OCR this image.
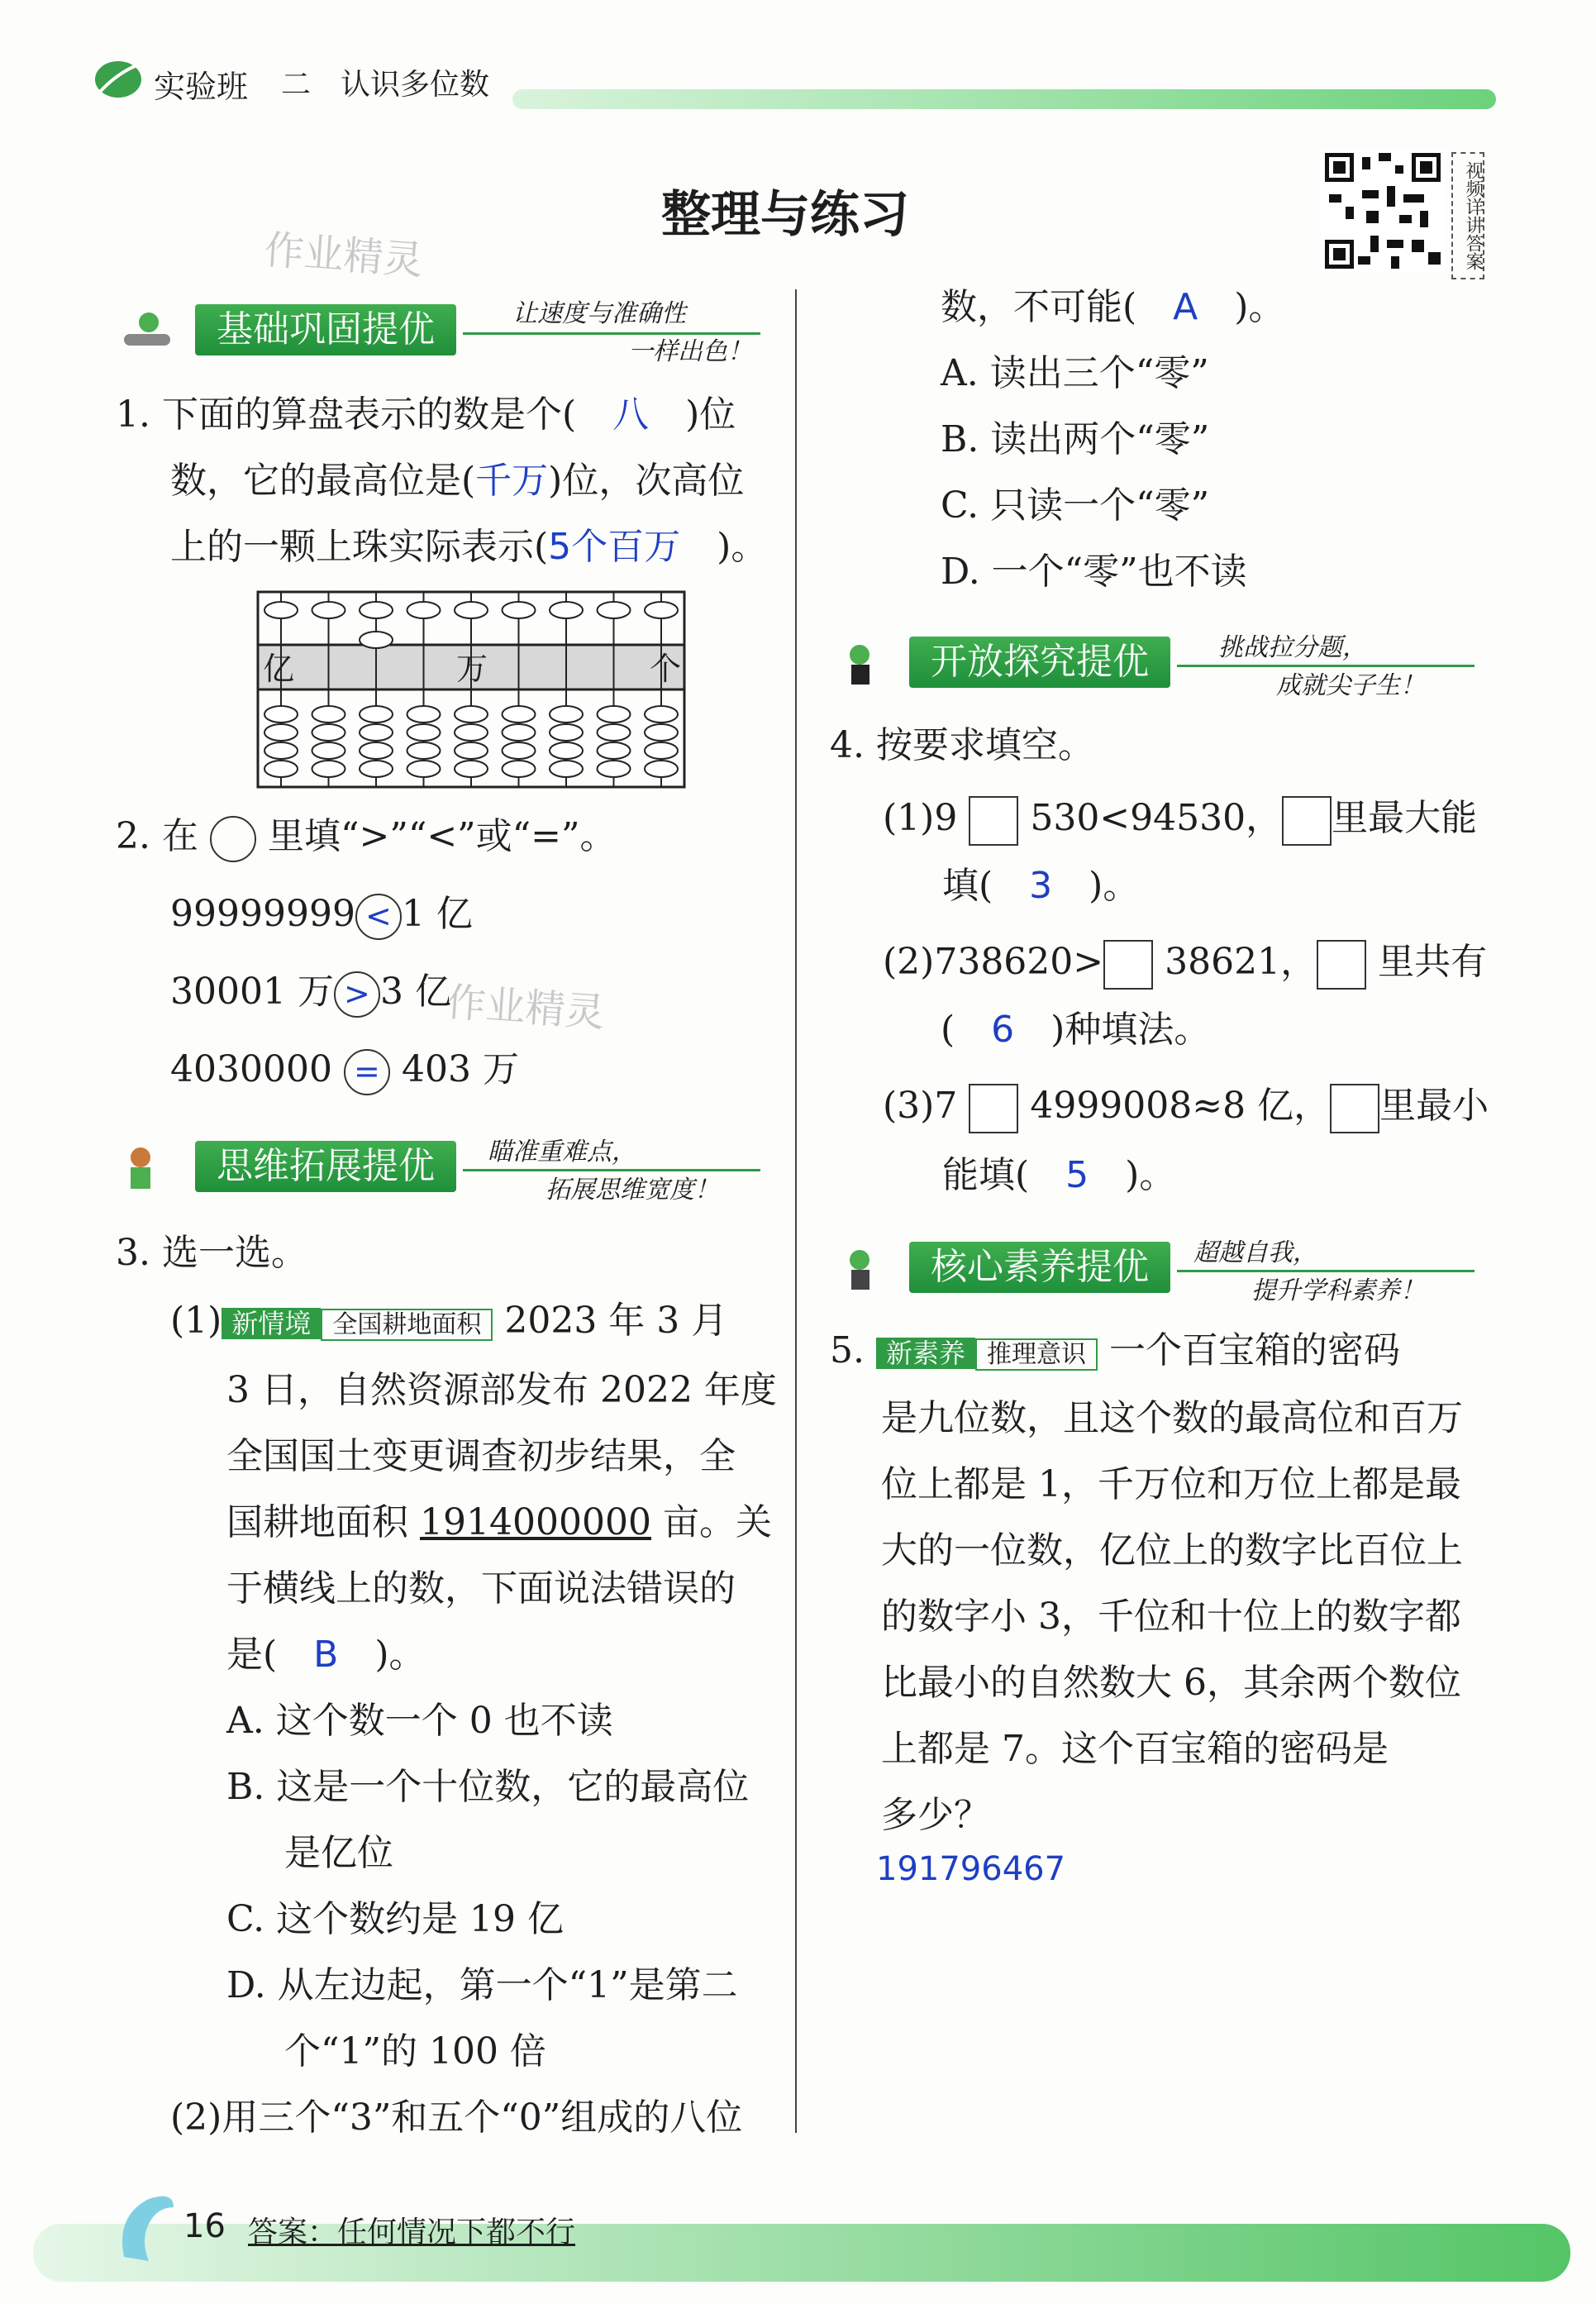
实验班 二　认识多位数
整理与练习	视频详讲答案
作业精灵
作业精灵
基础巩固提优	让速度与准确性
一样出色！
1. 下面的算盘表示的数是个(　 八　 )位
数，它的最高位是(千万)位，次高位
上的一颗上珠实际表示(5个百万　 )。
亿	万	个
2. 在 里填“>”“<”或“=”。
99999999 < 1 亿
30001 万 > 3 亿
4030000 = 403 万
思维拓展提优	瞄准重难点，
拓展思维宽度！
3. 选一选。
(1) 新情境 全国耕地面积 2023 年 3 月
3 日，自然资源部发布 2022 年度
全国国土变更调查初步结果，全
国耕地面积 1914000000 亩。关
于横线上的数，下面说法错误的
是(　 B　 )。
A. 这个数一个 0 也不读
B. 这是一个十位数，它的最高位
是亿位
C. 这个数约是 19 亿
D. 从左边起，第一个“1”是第二
个“1”的 100 倍
(2)用三个“3”和五个“0”组成的八位
数，不可能(　 A　 )。
A. 读出三个“零”
B. 读出两个“零”
C. 只读一个“零”
D. 一个“零”也不读
开放探究提优	挑战拉分题，
成就尖子生！
4. 按要求填空。
(1)9 530<94530， 里最大能
填(　 3　 )。
(2)738620> 38621， 里共有
(　 6　 )种填法。
(3)7 4999008≈8 亿， 里最小
能填(　 5　 )。
核心素养提优	超越自我，
提升学科素养！
5. 新素养 推理意识 一个百宝箱的密码
是九位数，且这个数的最高位和百万
位上都是 1，千万位和万位上都是最
大的一位数，亿位上的数字比百位上
的数字小 3，千位和十位上的数字都
比最小的自然数大 6，其余两个数位
上都是 7。这个百宝箱的密码是
多少？
191796467
16 答案：任何情况下都不行
